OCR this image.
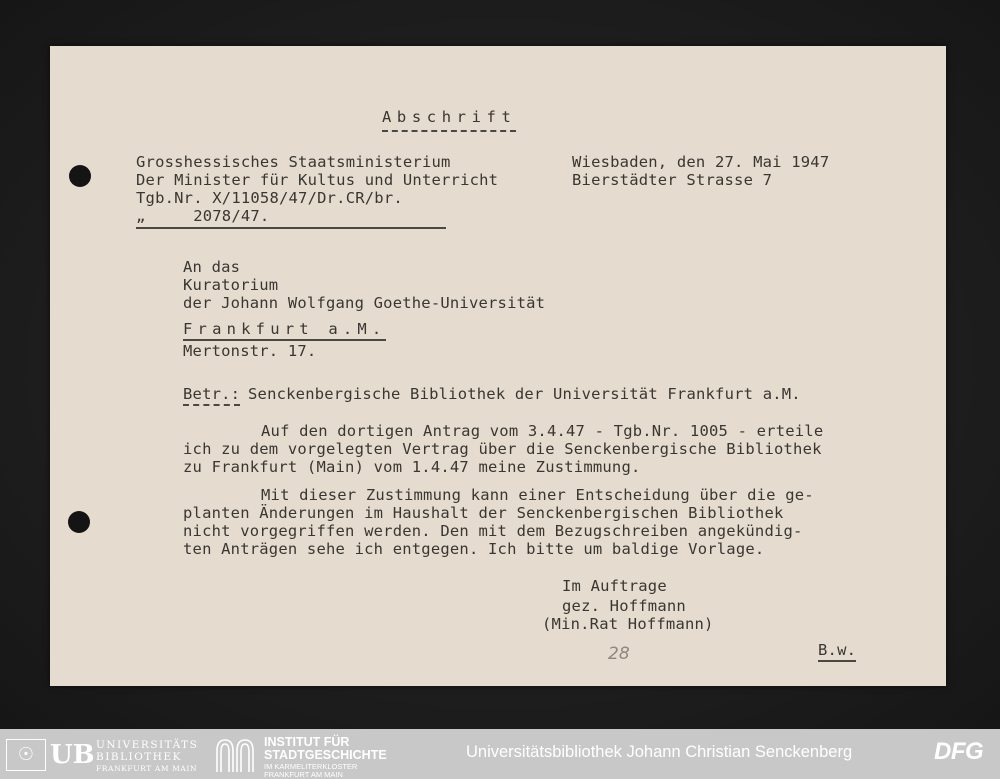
Abschrift
Grosshessisches Staatsministerium
Der Minister für Kultus und Unterricht
Tgb.Nr. X/11058/47/Dr.CR/br.
„     2078/47.
Wiesbaden, den 27. Mai 1947
Bierstädter Strasse 7
An das
Kuratorium
der Johann Wolfgang Goethe-Universität
Frankfurt a.M.
Mertonstr. 17.
Betr.: Senckenbergische Bibliothek der Universität Frankfurt a.M.
Auf den dortigen Antrag vom 3.4.47 - Tgb.Nr. 1005 - erteile
ich zu dem vorgelegten Vertrag über die Senckenbergische Bibliothek
zu Frankfurt (Main) vom 1.4.47 meine Zustimmung.
Mit dieser Zustimmung kann einer Entscheidung über die ge-
planten Änderungen im Haushalt der Senckenbergischen Bibliothek
nicht vorgegriffen werden. Den mit dem Bezugschreiben angekündig-
ten Anträgen sehe ich entgegen. Ich bitte um baldige Vorlage.
Im Auftrage
gez. Hoffmann
(Min.Rat Hoffmann)
28	B.w.
☉ UB UNIVERSITÄTS
BIBLIOTHEK
FRANKFURT AM MAIN
INSTITUT FÜR
STADTGESCHICHTE
IM KARMELITERKLOSTER
FRANKFURT AM MAIN
Universitätsbibliothek Johann Christian Senckenberg	DFG
